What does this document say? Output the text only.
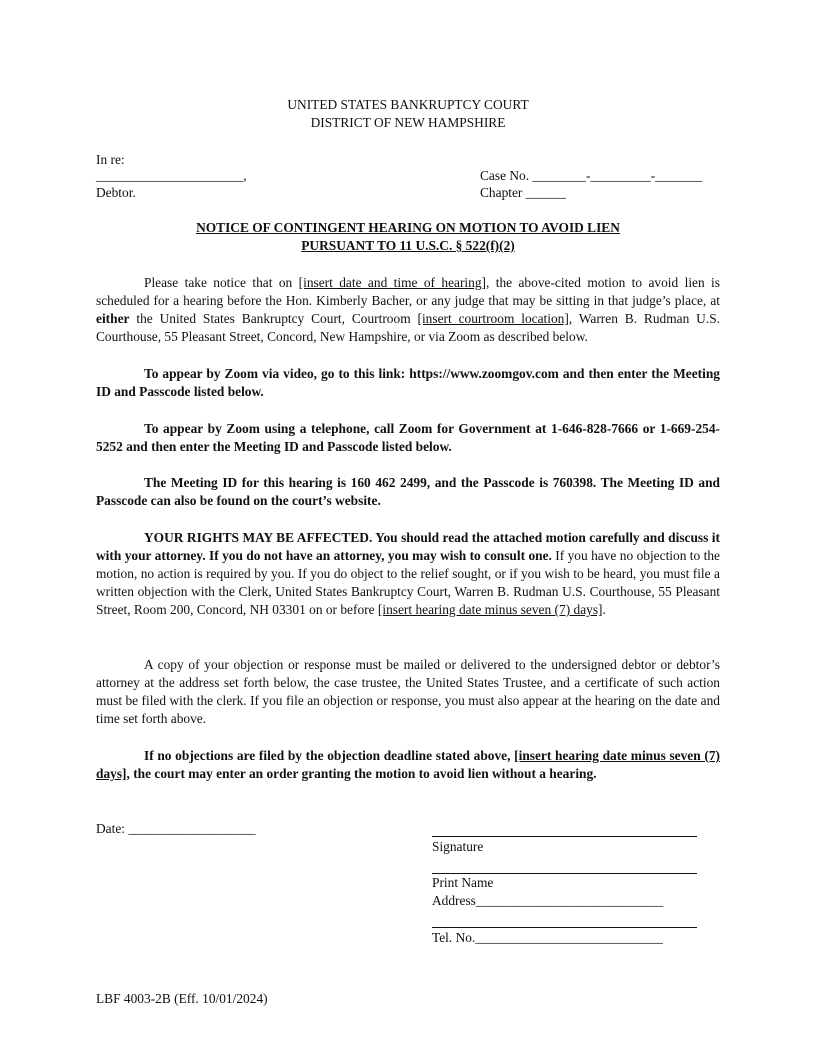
UNITED STATES BANKRUPTCY COURT
DISTRICT OF NEW HAMPSHIRE
In re:
______________________,
Debtor.
Case No. ________-_________-_______
Chapter ______
NOTICE OF CONTINGENT HEARING ON MOTION TO AVOID LIEN
PURSUANT TO 11 U.S.C. § 522(f)(2)

Please take notice that on [insert date and time of hearing], the above-cited motion to avoid lien is scheduled for a hearing before the Hon. Kimberly Bacher, or any judge that may be sitting in that judge’s place, at either the United States Bankruptcy Court, Courtroom [insert courtroom location], Warren B. Rudman U.S. Courthouse, 55 Pleasant Street, Concord, New Hampshire, or via Zoom as described below.

To appear by Zoom via video, go to this link: https://www.zoomgov.com and then enter the Meeting ID and Passcode listed below.

To appear by Zoom using a telephone, call Zoom for Government at 1-646-828-7666 or 1-669-254-5252 and then enter the Meeting ID and Passcode listed below.

The Meeting ID for this hearing is 160 462 2499, and the Passcode is 760398. The Meeting ID and Passcode can also be found on the court’s website.

YOUR RIGHTS MAY BE AFFECTED. You should read the attached motion carefully and discuss it with your attorney. If you do not have an attorney, you may wish to consult one. If you have no objection to the motion, no action is required by you. If you do object to the relief sought, or if you wish to be heard, you must file a written objection with the Clerk, United States Bankruptcy Court, Warren B. Rudman U.S. Courthouse, 55 Pleasant Street, Room 200, Concord, NH 03301 on or before [insert hearing date minus seven (7) days].

A copy of your objection or response must be mailed or delivered to the undersigned debtor or debtor’s attorney at the address set forth below, the case trustee, the United States Trustee, and a certificate of such action must be filed with the clerk. If you file an objection or response, you must also appear at the hearing on the date and time set forth above.

If no objections are filed by the objection deadline stated above, [insert hearing date minus seven (7) days], the court may enter an order granting the motion to avoid lien without a hearing.

Date: ___________________
Signature
Print Name
Address____________________________
Tel. No.____________________________
LBF 4003-2B (Eff. 10/01/2024)
